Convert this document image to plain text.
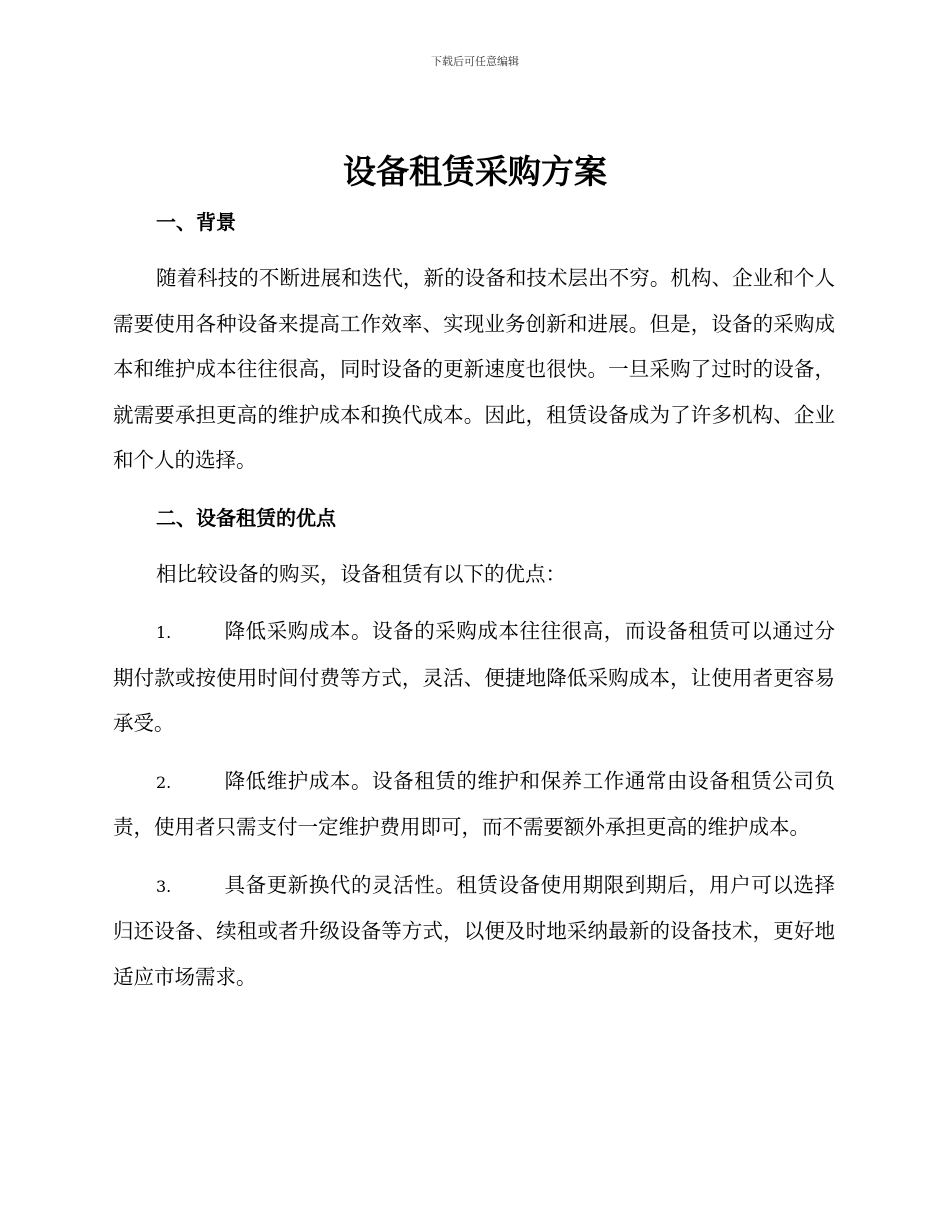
下载后可任意编辑
设备租赁采购方案
一、背景

随着科技的不断进展和迭代，新的设备和技术层出不穷。机构、企业和个人需要使用各种设备来提高工作效率、实现业务创新和进展。但是，设备的采购成本和维护成本往往很高，同时设备的更新速度也很快。一旦采购了过时的设备，就需要承担更高的维护成本和换代成本。因此，租赁设备成为了许多机构、企业和个人的选择。

二、设备租赁的优点

相比较设备的购买，设备租赁有以下的优点：

1.	降低采购成本。设备的采购成本往往很高，而设备租赁可以通过分期付款或按使用时间付费等方式，灵活、便捷地降低采购成本，让使用者更容易承受。

2.	降低维护成本。设备租赁的维护和保养工作通常由设备租赁公司负责，使用者只需支付一定维护费用即可，而不需要额外承担更高的维护成本。

3.	具备更新换代的灵活性。租赁设备使用期限到期后，用户可以选择归还设备、续租或者升级设备等方式，以便及时地采纳最新的设备技术，更好地适应市场需求。
